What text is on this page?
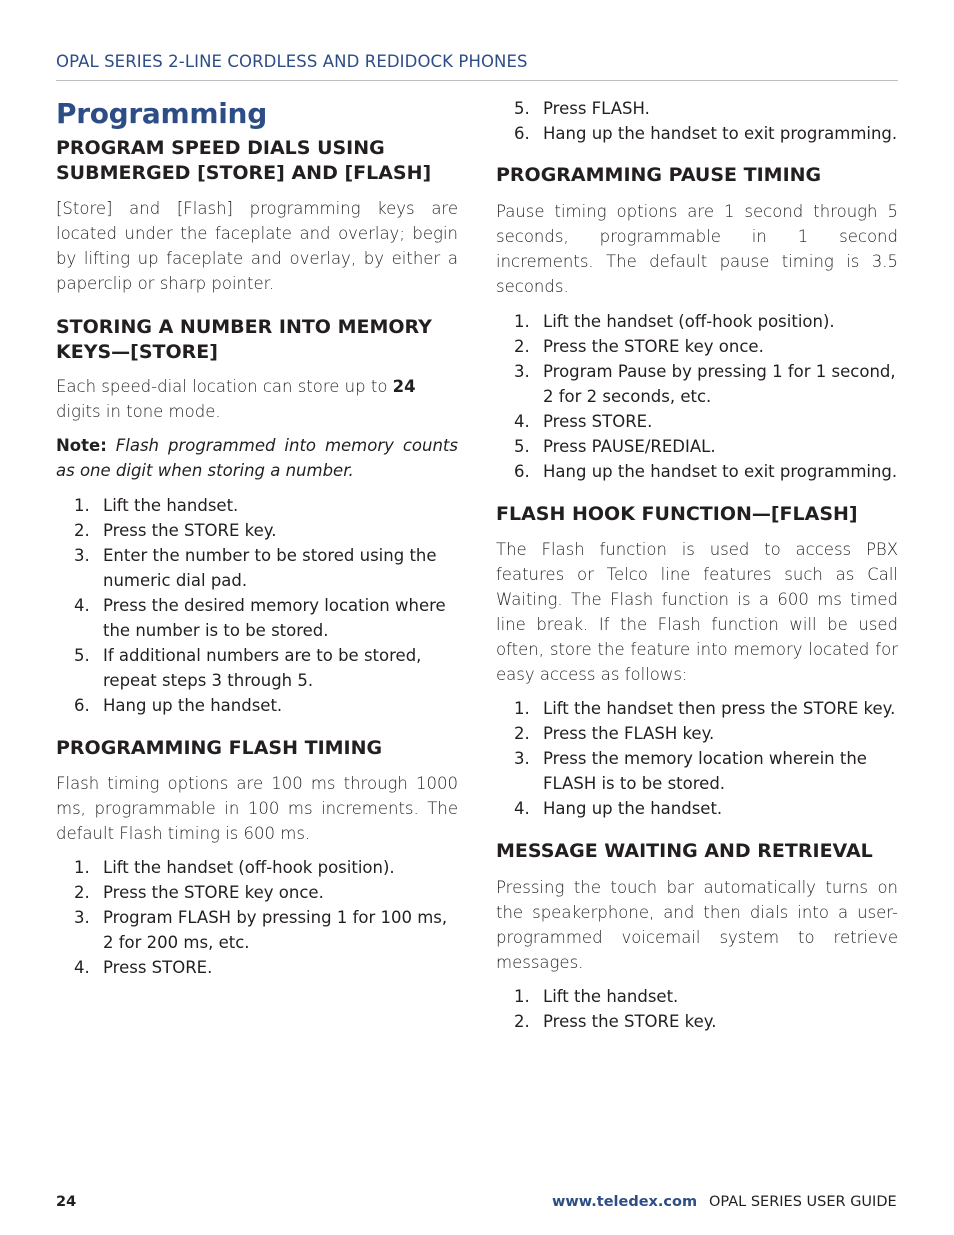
OPAL SERIES 2-LINE CORDLESS AND REDIDOCK PHONES
Programming
PROGRAM SPEED DIALS USING
SUBMERGED [STORE] AND [FLASH]

[Store] and [Flash] programming keys are located under the faceplate and overlay; begin by lifting up faceplate and overlay, by either a paperclip or sharp pointer.

STORING A NUMBER INTO MEMORY
KEYS—[STORE]

Each speed-dial location can store up to 24 digits in tone mode.

Note: Flash programmed into memory counts as one digit when storing a number.

1. Lift the handset.
2. Press the STORE key.
3. Enter the number to be stored using the numeric dial pad.
4. Press the desired memory location where the number is to be stored.
5. If additional numbers are to be stored, repeat steps 3 through 5.
6. Hang up the handset.
PROGRAMMING FLASH TIMING

Flash timing options are 100 ms through 1000 ms, programmable in 100 ms increments. The default Flash timing is 600 ms.

1. Lift the handset (off-hook position).
2. Press the STORE key once.
3. Program FLASH by pressing 1 for 100 ms, 2 for 200 ms, etc.
4. Press STORE.
5. Press FLASH.
6. Hang up the handset to exit programming.
PROGRAMMING PAUSE TIMING

Pause timing options are 1 second through 5 seconds, programmable in 1 second increments. The default pause timing is 3.5 seconds.

1. Lift the handset (off-hook position).
2. Press the STORE key once.
3. Program Pause by pressing 1 for 1 second, 2 for 2 seconds, etc.
4. Press STORE.
5. Press PAUSE/REDIAL.
6. Hang up the handset to exit programming.
FLASH HOOK FUNCTION—[FLASH]

The Flash function is used to access PBX features or Telco line features such as Call Waiting. The Flash function is a 600 ms timed line break. If the Flash function will be used often, store the feature into memory located for easy access as follows:

1. Lift the handset then press the STORE key.
2. Press the FLASH key.
3. Press the memory location wherein the FLASH is to be stored.
4. Hang up the handset.
MESSAGE WAITING AND RETRIEVAL

Pressing the touch bar automatically turns on the speakerphone, and then dials into a user-programmed voicemail system to retrieve messages.

1. Lift the handset.
2. Press the STORE key.
24	www.teledex.com OPAL SERIES USER GUIDE
